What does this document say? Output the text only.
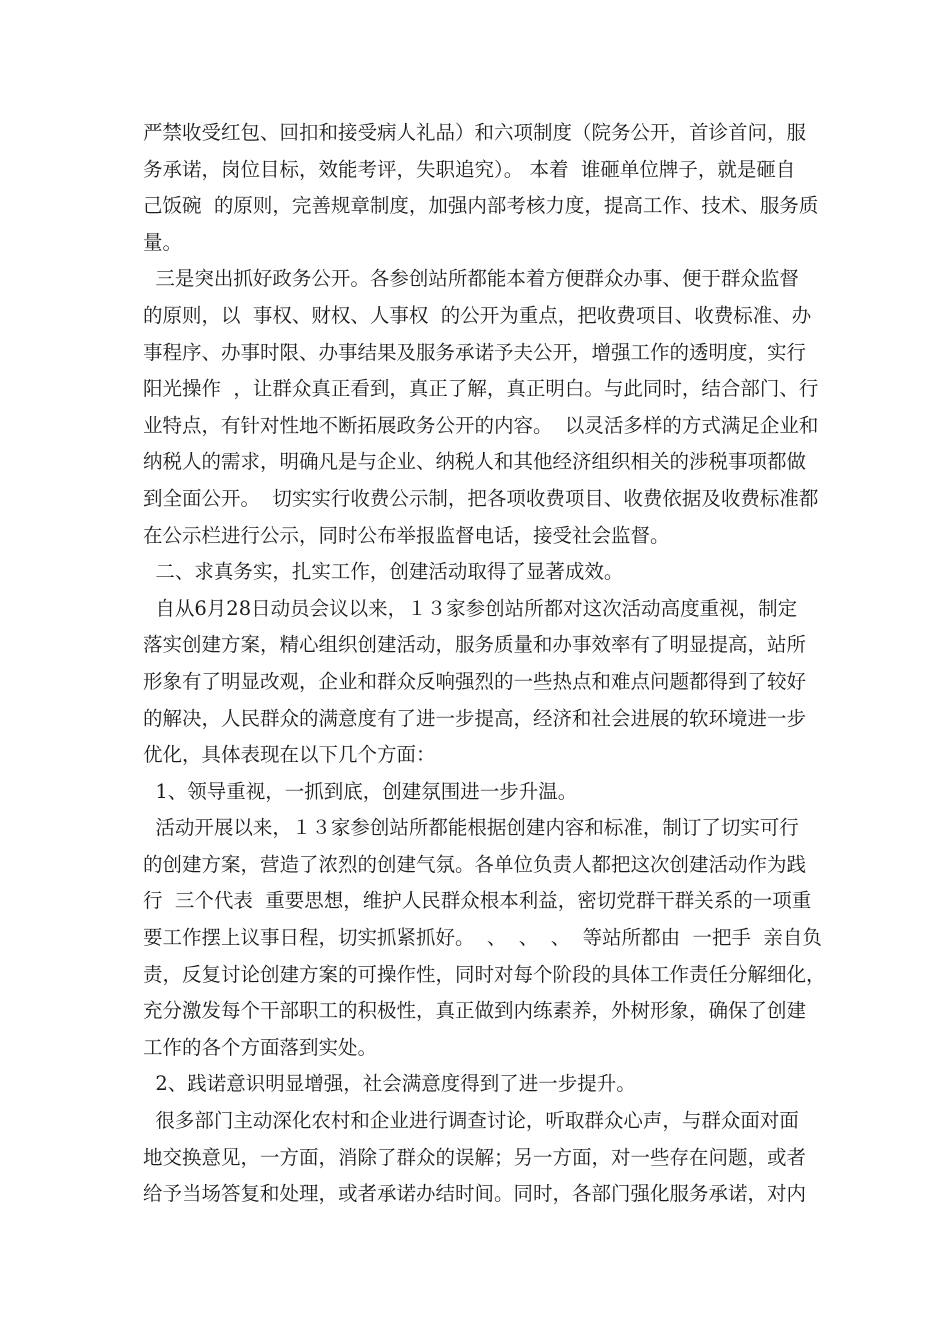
严禁收受红包、回扣和接受病人礼品）和六项制度（院务公开，首诊首问，服
务承诺，岗位目标，效能考评，失职追究）。 本着  谁砸单位牌子，就是砸自
己饭碗  的原则，完善规章制度，加强内部考核力度，提高工作、技术、服务质
量。
三是突出抓好政务公开。各参创站所都能本着方便群众办事、便于群众监督
的原则，以  事权、财权、人事权  的公开为重点，把收费项目、收费标准、办
事程序、办事时限、办事结果及服务承诺予夫公开，增强工作的透明度，实行
阳光操作  ，让群众真正看到，真正了解，真正明白。与此同时，结合部门、行
业特点，有针对性地不断拓展政务公开的内容。  以灵活多样的方式满足企业和
纳税人的需求，明确凡是与企业、纳税人和其他经济组织相关的涉税事项都做
到全面公开。  切实实行收费公示制，把各项收费项目、收费依据及收费标准都
在公示栏进行公示，同时公布举报监督电话，接受社会监督。
二、求真务实，扎实工作，创建活动取得了显著成效。
自从6月28日动员会议以来，１３家参创站所都对这次活动高度重视，制定
落实创建方案，精心组织创建活动，服务质量和办事效率有了明显提高，站所
形象有了明显改观，企业和群众反响强烈的一些热点和难点问题都得到了较好
的解决，人民群众的满意度有了进一步提高，经济和社会进展的软环境进一步
优化，具体表现在以下几个方面：
1、领导重视，一抓到底，创建氛围进一步升温。
活动开展以来，１３家参创站所都能根据创建内容和标准，制订了切实可行
的创建方案，营造了浓烈的创建气氛。各单位负责人都把这次创建活动作为践
行  三个代表  重要思想，维护人民群众根本利益，密切党群干群关系的一项重
要工作摆上议事日程，切实抓紧抓好。  、  、  、  等站所都由  一把手  亲自负
责，反复讨论创建方案的可操作性，同时对每个阶段的具体工作责任分解细化，
充分激发每个干部职工的积极性，真正做到内练素养，外树形象，确保了创建
工作的各个方面落到实处。
2、践诺意识明显增强，社会满意度得到了进一步提升。
很多部门主动深化农村和企业进行调查讨论，听取群众心声，与群众面对面
地交换意见，一方面，消除了群众的误解；另一方面，对一些存在问题，或者
给予当场答复和处理，或者承诺办结时间。同时，各部门强化服务承诺，对内
